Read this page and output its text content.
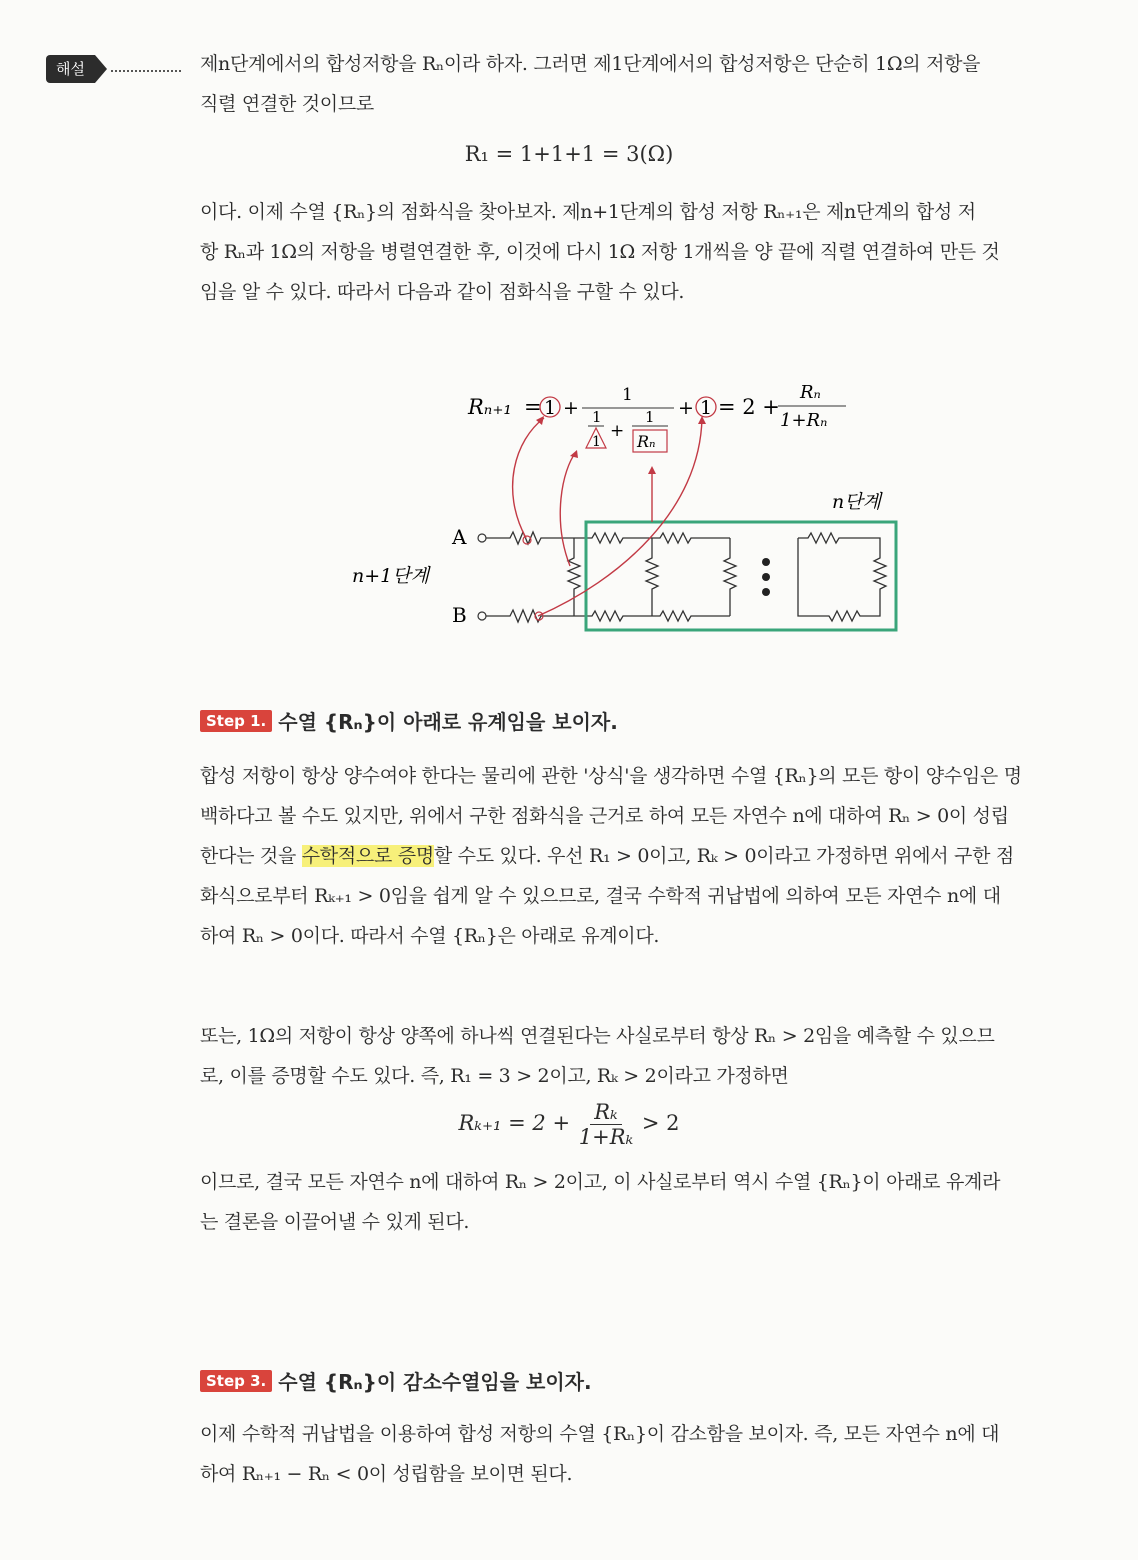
해설	제n단계에서의 합성저항을 Rₙ이라 하자. 그러면 제1단계에서의 합성저항은 단순히 1Ω의 저항을

직렬 연결한 것이므로

R₁ = 1+1+1 = 3(Ω)

이다. 이제 수열 {Rₙ}의 점화식을 찾아보자. 제n+1단계의 합성 저항 Rₙ₊₁은 제n단계의 합성 저

항 Rₙ과 1Ω의 저항을 병렬연결한 후, 이것에 다시 1Ω 저항 1개씩을 양 끝에 직렬 연결하여 만든 것

임을 알 수 있다. 따라서 다음과 같이 점화식을 구할 수 있다.

Rₙ₊₁ = 1 +
1
1
1
+
1
Rₙ
+ 1 = 2 +
Rₙ
1+Rₙ
n단계
n+1단계
A
B
Step 1. 수열 {Rₙ}이 아래로 유계임을 보이자.

합성 저항이 항상 양수여야 한다는 물리에 관한 '상식'을 생각하면 수열 {Rₙ}의 모든 항이 양수임은 명

백하다고 볼 수도 있지만, 위에서 구한 점화식을 근거로 하여 모든 자연수 n에 대하여 Rₙ > 0이 성립

한다는 것을 수학적으로 증명할 수도 있다. 우선 R₁ > 0이고, Rₖ > 0이라고 가정하면 위에서 구한 점

화식으로부터 Rₖ₊₁ > 0임을 쉽게 알 수 있으므로, 결국 수학적 귀납법에 의하여 모든 자연수 n에 대

하여 Rₙ > 0이다. 따라서 수열 {Rₙ}은 아래로 유계이다.

또는, 1Ω의 저항이 항상 양쪽에 하나씩 연결된다는 사실로부터 항상 Rₙ > 2임을 예측할 수 있으므

로, 이를 증명할 수도 있다. 즉, R₁ = 3 > 2이고, Rₖ > 2이라고 가정하면

$R_{k+1} = 2 + \frac{\text{Rₖ}}{\text{1+Rₖ}} > 2$

이므로, 결국 모든 자연수 n에 대하여 Rₙ > 2이고, 이 사실로부터 역시 수열 {Rₙ}이 아래로 유계라

는 결론을 이끌어낼 수 있게 된다.

Step 3. 수열 {Rₙ}이 감소수열임을 보이자.

이제 수학적 귀납법을 이용하여 합성 저항의 수열 {Rₙ}이 감소함을 보이자. 즉, 모든 자연수 n에 대

하여 Rₙ₊₁ − Rₙ < 0이 성립함을 보이면 된다.
